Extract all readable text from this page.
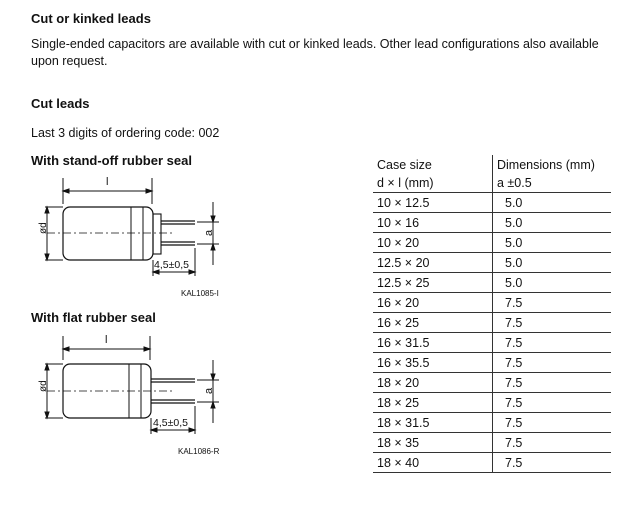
Cut or kinked leads
Single-ended capacitors are available with cut or kinked leads. Other lead configurations also available upon request.
Cut leads
Last 3 digits of ordering code: 002
With stand-off rubber seal
l
ød	a
4,5±0,5
KAL1085-I
With flat rubber seal
l
ød	a
4,5±0,5
KAL1086-R
Case size	Dimensions (mm)
d × l (mm)	a ±0.5
10 × 12.5	5.0
10 × 16	5.0
10 × 20	5.0
12.5 × 20	5.0
12.5 × 25	5.0
16 × 20	7.5
16 × 25	7.5
16 × 31.5	7.5
16 × 35.5	7.5
18 × 20	7.5
18 × 25	7.5
18 × 31.5	7.5
18 × 35	7.5
18 × 40	7.5
